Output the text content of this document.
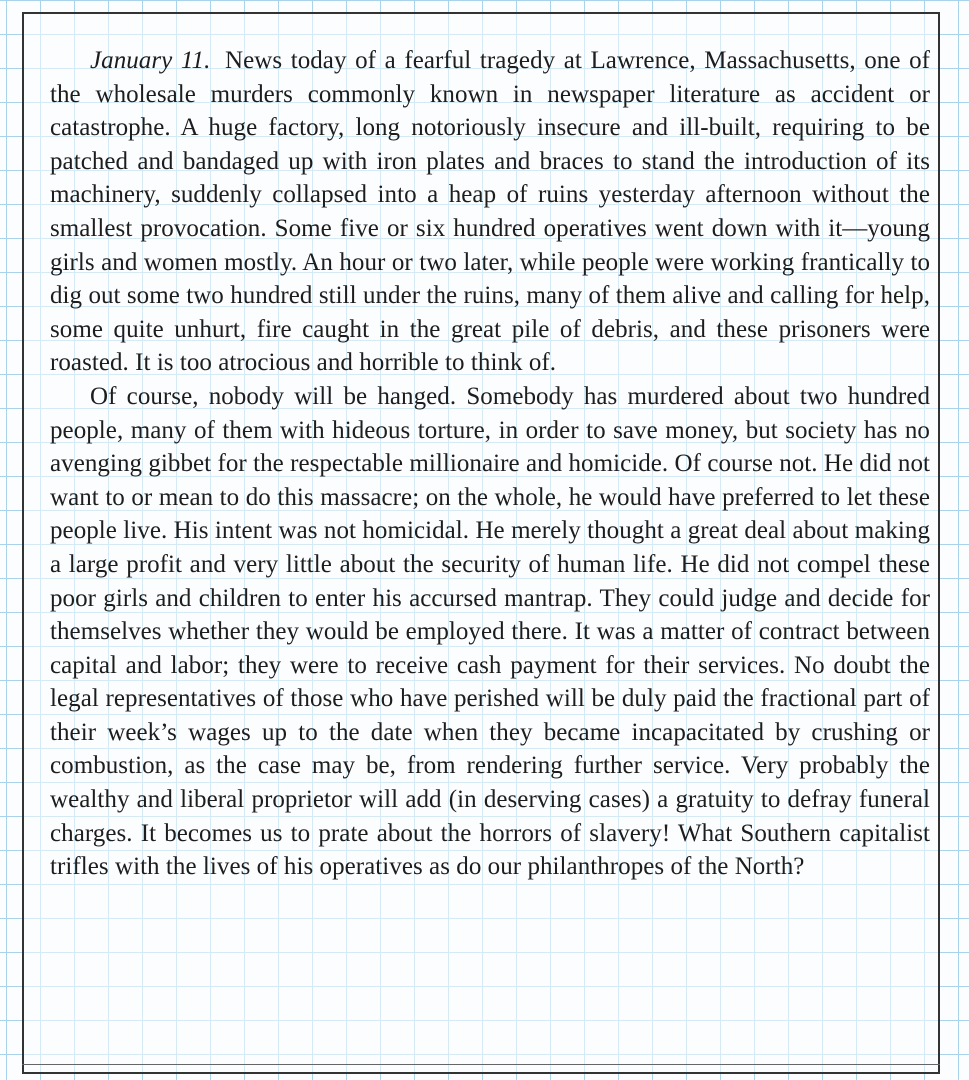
January 11. News today of a fearful tragedy at Lawrence, Massachusetts, one of the wholesale murders commonly known in newspaper literature as accident or catastrophe. A huge factory, long notoriously insecure and ill-built, requiring to be patched and bandaged up with iron plates and braces to stand the introduction of its machinery, suddenly collapsed into a heap of ruins yesterday afternoon without the smallest provocation. Some five or six hundred operatives went down with it—young girls and women mostly. An hour or two later, while people were working frantically to dig out some two hundred still under the ruins, many of them alive and calling for help, some quite unhurt, fire caught in the great pile of debris, and these prisoners were roasted. It is too atrocious and horrible to think of.

Of course, nobody will be hanged. Somebody has murdered about two hundred people, many of them with hideous torture, in order to save money, but society has no avenging gibbet for the respectable millionaire and homicide. Of course not. He did not want to or mean to do this massacre; on the whole, he would have preferred to let these people live. His intent was not homicidal. He merely thought a great deal about making a large profit and very little about the security of human life. He did not compel these poor girls and children to enter his accursed mantrap. They could judge and decide for themselves whether they would be employed there. It was a matter of contract between capital and labor; they were to receive cash payment for their services. No doubt the legal representatives of those who have perished will be duly paid the fractional part of their week’s wages up to the date when they became incapacitated by crushing or combustion, as the case may be, from rendering further service. Very probably the wealthy and liberal proprietor will add (in deserving cases) a gratuity to defray funeral charges. It becomes us to prate about the horrors of slavery! What Southern capitalist trifles with the lives of his operatives as do our philanthropes of the North?
